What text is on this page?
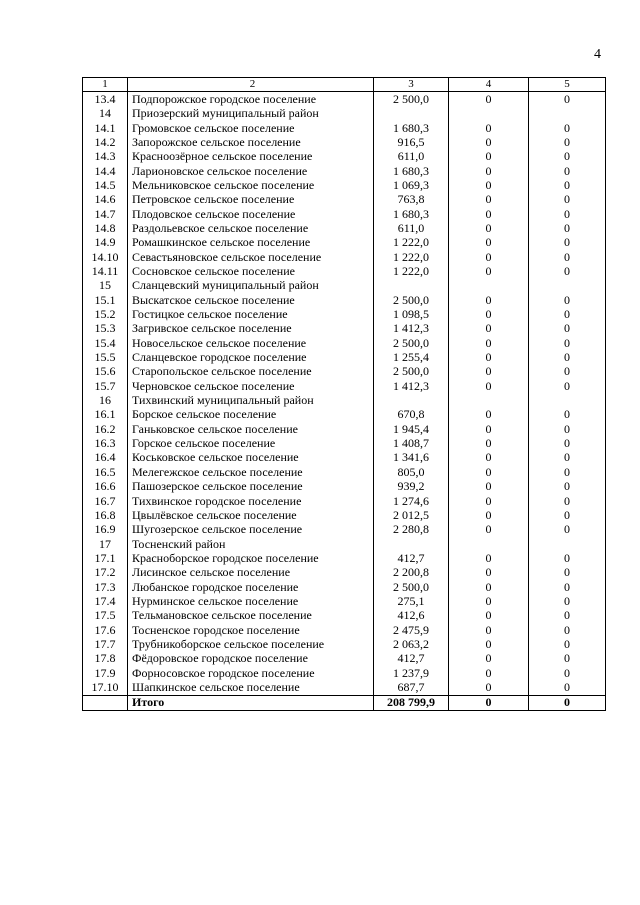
4
1	2	3	4	5
13.4	Подпорожское городское поселение	2 500,0	0	0
14	Приозерский муниципальный район			
14.1	Громовское сельское поселение	1 680,3	0	0
14.2	Запорожское сельское поселение	916,5	0	0
14.3	Красноозёрное сельское поселение	611,0	0	0
14.4	Ларионовское сельское поселение	1 680,3	0	0
14.5	Мельниковское сельское поселение	1 069,3	0	0
14.6	Петровское сельское поселение	763,8	0	0
14.7	Плодовское сельское поселение	1 680,3	0	0
14.8	Раздольевское сельское поселение	611,0	0	0
14.9	Ромашкинское сельское поселение	1 222,0	0	0
14.10	Севастьяновское сельское поселение	1 222,0	0	0
14.11	Сосновское сельское поселение	1 222,0	0	0
15	Сланцевский муниципальный район			
15.1	Выскатское сельское поселение	2 500,0	0	0
15.2	Гостицкое сельское поселение	1 098,5	0	0
15.3	Загривское сельское поселение	1 412,3	0	0
15.4	Новосельское сельское поселение	2 500,0	0	0
15.5	Сланцевское городское поселение	1 255,4	0	0
15.6	Старопольское сельское поселение	2 500,0	0	0
15.7	Черновское сельское поселение	1 412,3	0	0
16	Тихвинский муниципальный район			
16.1	Борское сельское поселение	670,8	0	0
16.2	Ганьковское сельское поселение	1 945,4	0	0
16.3	Горское сельское поселение	1 408,7	0	0
16.4	Коськовское сельское поселение	1 341,6	0	0
16.5	Мелегежское сельское поселение	805,0	0	0
16.6	Пашозерское сельское поселение	939,2	0	0
16.7	Тихвинское городское поселение	1 274,6	0	0
16.8	Цвылёвское сельское поселение	2 012,5	0	0
16.9	Шугозерское сельское поселение	2 280,8	0	0
17	Тосненский район			
17.1	Красноборское городское поселение	412,7	0	0
17.2	Лисинское сельское поселение	2 200,8	0	0
17.3	Любанское городское поселение	2 500,0	0	0
17.4	Нурминское сельское поселение	275,1	0	0
17.5	Тельмановское сельское поселение	412,6	0	0
17.6	Тосненское городское поселение	2 475,9	0	0
17.7	Трубникоборское сельское поселение	2 063,2	0	0
17.8	Фёдоровское городское поселение	412,7	0	0
17.9	Форносовское городское поселение	1 237,9	0	0
17.10	Шапкинское сельское поселение	687,7	0	0
	Итого	208 799,9	0	0
